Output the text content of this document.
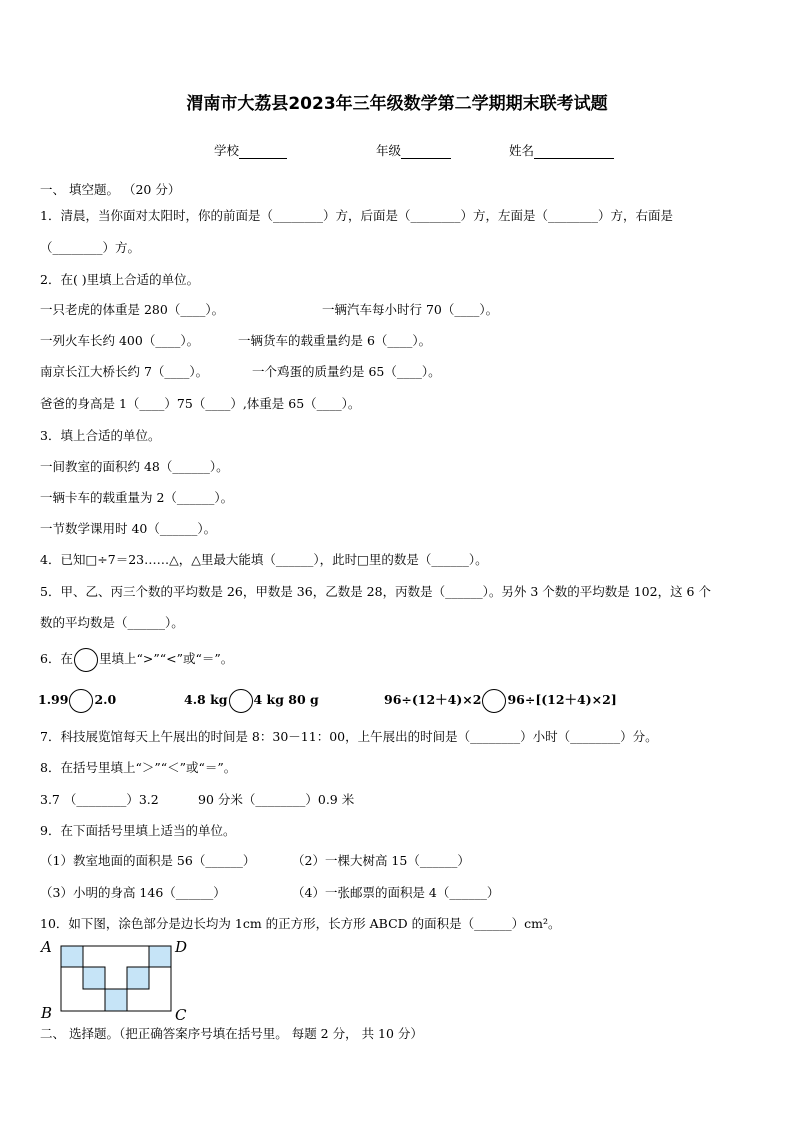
渭南市大荔县2023年三年级数学第二学期期末联考试题
学校	年级	姓名
一、 填空题。 （20 分）
1．清晨，当你面对太阳时，你的前面是（________）方，后面是（________）方，左面是（________）方，右面是
（________）方。
2．在( )里填上合适的单位。
一只老虎的体重是 280（____）。	一辆汽车每小时行 70（____）。
一列火车长约 400（____）。	一辆货车的载重量约是 6（____）。
南京长江大桥长约 7（____）。	一个鸡蛋的质量约是 65（____）。
爸爸的身高是 1（____）75（____）,体重是 65（____）。
3．填上合适的单位。
一间教室的面积约 48（______）。
一辆卡车的载重量为 2（______）。
一节数学课用时 40（______）。
4．已知□÷7＝23……△，△里最大能填（______），此时□里的数是（______）。
5．甲、乙、丙三个数的平均数是 26，甲数是 36，乙数是 28，丙数是（______）。另外 3 个数的平均数是 102，这 6 个
数的平均数是（______）。
6．在 里填上“>”“<”或“＝”。
1.99 2.0	4.8 kg 4 kg 80 g	96÷(12＋4)×2 96÷[(12＋4)×2]
7．科技展览馆每天上午展出的时间是 8：30－11：00，上午展出的时间是（________）小时（________）分。
8．在括号里填上“＞”“＜”或“＝”。
3.7 （________）3.2	90 分米（________）0.9 米
9．在下面括号里填上适当的单位。
（1）教室地面的面积是 56（______）	（2）一棵大树高 15（______）
（3）小明的身高 146（______）	（4）一张邮票的面积是 4（______）
10．如下图，涂色部分是边长均为 1cm 的正方形，长方形 ABCD 的面积是（______）cm²。
A	D
B	C
二、 选择题。（把正确答案序号填在括号里。 每题 2 分， 共 10 分）
